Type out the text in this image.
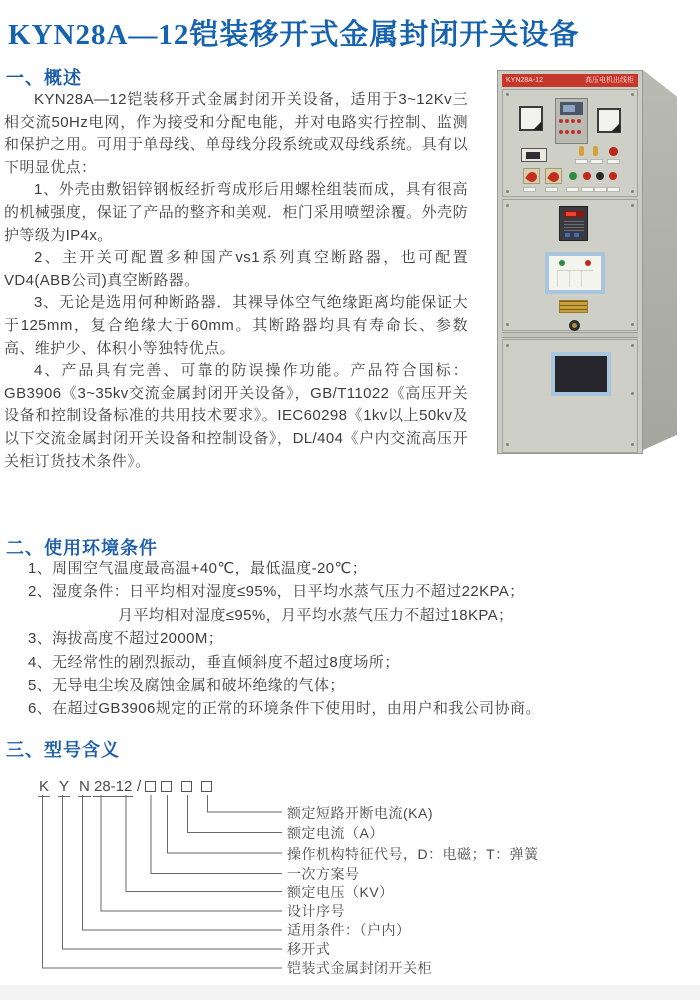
KYN28A—12铠装移开式金属封闭开关设备
一、概述

KYN28A—12铠装移开式金属封闭开关设备，适用于3~12Kv三相交流50Hz电网，作为接受和分配电能，并对电路实行控制、监测和保护之用。可用于单母线、单母线分段系统或双母线系统。具有以下明显优点：

1、外壳由敷铝锌钢板经折弯成形后用螺栓组装而成，具有很高的机械强度，保证了产品的整齐和美观．柜门采用喷塑涂覆。外壳防护等级为IP4x。

2、主开关可配置多种国产vs1系列真空断路器，也可配置VD4(ABB公司)真空断路器。

3、无论是选用何种断路器．其裸导体空气绝缘距离均能保证大于125mm，复合绝缘大于60mm。其断路器均具有寿命长、参数高、维护少、体积小等独特优点。

4、产品具有完善、可靠的防误操作功能。产品符合国标：GB3906《3~35kv交流金属封闭开关设备》，GB/T11022《高压开关设备和控制设备标准的共用技术要求》。IEC60298《1kv以上50kv及以下交流金属封闭开关设备和控制设备》，DL/404《户内交流高压开关柜订货技术条件》。

KYN28A-12	高压电机出线柜
二、使用环境条件
1、周围空气温度最高温+40℃，最低温度-20℃；
2、湿度条件：日平均相对湿度≤95%，日平均水蒸气压力不超过22KPA；
月平均相对湿度≤95%，月平均水蒸气压力不超过18KPA；
3、海拔高度不超过2000M；
4、无经常性的剧烈振动，垂直倾斜度不超过8度场所；
5、无导电尘埃及腐蚀金属和破坏绝缘的气体；
6、在超过GB3906规定的正常的环境条件下使用时，由用户和我公司协商。
三、型号含义
K Y N 28-12 /
额定短路开断电流(KA)
额定电流（A）
操作机构特征代号，D：电磁；T：弹簧
一次方案号
额定电压（KV）
设计序号
适用条件：（户内）
移开式
铠装式金属封闭开关柜
